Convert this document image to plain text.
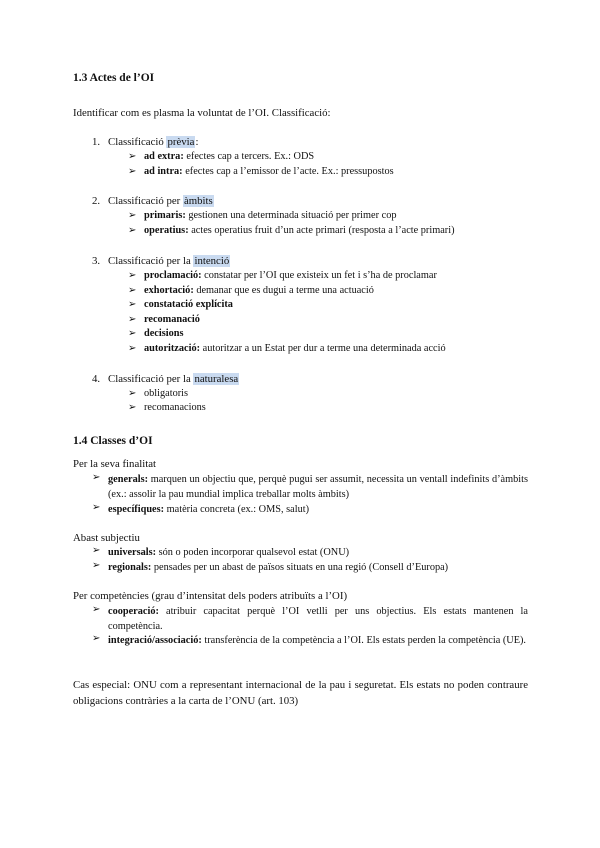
1.3 Actes de l’OI
Identificar com es plasma la voluntat de l’OI. Classificació:
1. Classificació prèvia:
➢ ad extra: efectes cap a tercers. Ex.: ODS
➢ ad intra: efectes cap a l’emissor de l’acte. Ex.: pressupostos
2. Classificació per àmbits
➢ primaris: gestionen una determinada situació per primer cop
➢ operatius: actes operatius fruit d’un acte primari (resposta a l’acte primari)
3. Classificació per la intenció
➢ proclamació: constatar per l’OI que existeix un fet i s’ha de proclamar
➢ exhortació: demanar que es dugui a terme una actuació
➢ constatació explícita
➢ recomanació
➢ decisions
➢ autorització: autoritzar a un Estat per dur a terme una determinada acció
4. Classificació per la naturalesa
➢ obligatoris
➢ recomanacions
1.4 Classes d’OI
Per la seva finalitat
➢ generals: marquen un objectiu que, perquè pugui ser assumit, necessita un ventall indefinits d’àmbits (ex.: assolir la pau mundial implica treballar molts àmbits)
➢ específiques: matèria concreta (ex.: OMS, salut)
Abast subjectiu
➢ universals: són o poden incorporar qualsevol estat (ONU)
➢ regionals: pensades per un abast de països situats en una regió (Consell d’Europa)
Per competències (grau d’intensitat dels poders atribuïts a l’OI)
➢ cooperació: atribuir capacitat perquè l’OI vetlli per uns objectius. Els estats mantenen la competència.
➢ integració/associació: transferència de la competència a l’OI. Els estats perden la competència (UE).
Cas especial: ONU com a representant internacional de la pau i seguretat. Els estats no poden contraure obligacions contràries a la carta de l’ONU (art. 103)
